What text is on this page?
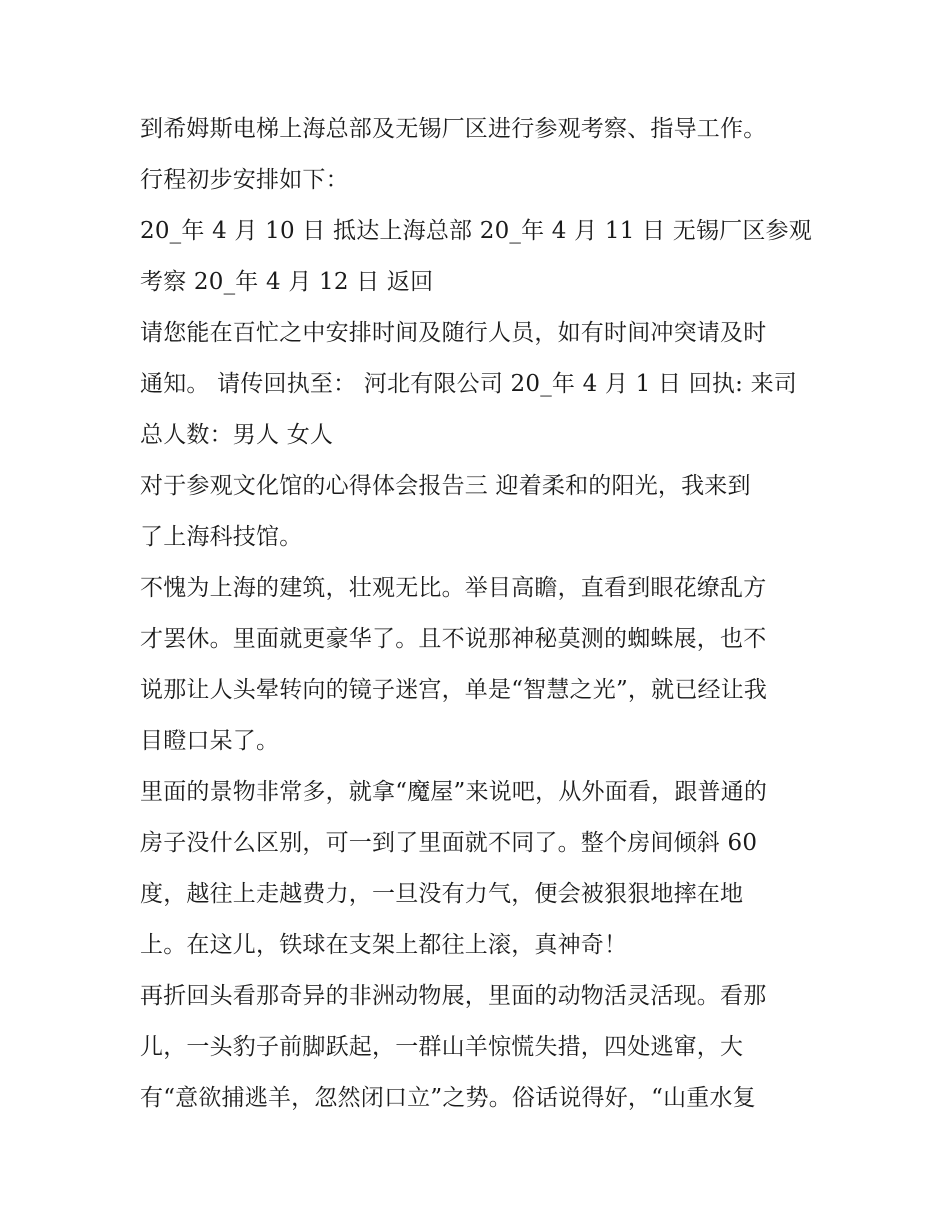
到希姆斯电梯上海总部及无锡厂区进行参观考察、指导工作。
行程初步安排如下：
20_年 4 月 10 日 抵达上海总部 20_年 4 月 11 日 无锡厂区参观
考察 20_年 4 月 12 日 返回
请您能在百忙之中安排时间及随行人员，如有时间冲突请及时
通知。 请传回执至： 河北有限公司 20_年 4 月 1 日 回执: 来司
总人数：男人 女人
对于参观文化馆的心得体会报告三 迎着柔和的阳光，我来到
了上海科技馆。
不愧为上海的建筑，壮观无比。举目高瞻，直看到眼花缭乱方
才罢休。里面就更豪华了。且不说那神秘莫测的蜘蛛展，也不
说那让人头晕转向的镜子迷宫，单是“智慧之光”，就已经让我
目瞪口呆了。
里面的景物非常多，就拿“魔屋”来说吧，从外面看，跟普通的
房子没什么区别，可一到了里面就不同了。整个房间倾斜 60
度，越往上走越费力，一旦没有力气，便会被狠狠地摔在地
上。在这儿，铁球在支架上都往上滚，真神奇！
再折回头看那奇异的非洲动物展，里面的动物活灵活现。看那
儿，一头豹子前脚跃起，一群山羊惊慌失措，四处逃窜，大
有“意欲捕逃羊，忽然闭口立”之势。俗话说得好，“山重水复
